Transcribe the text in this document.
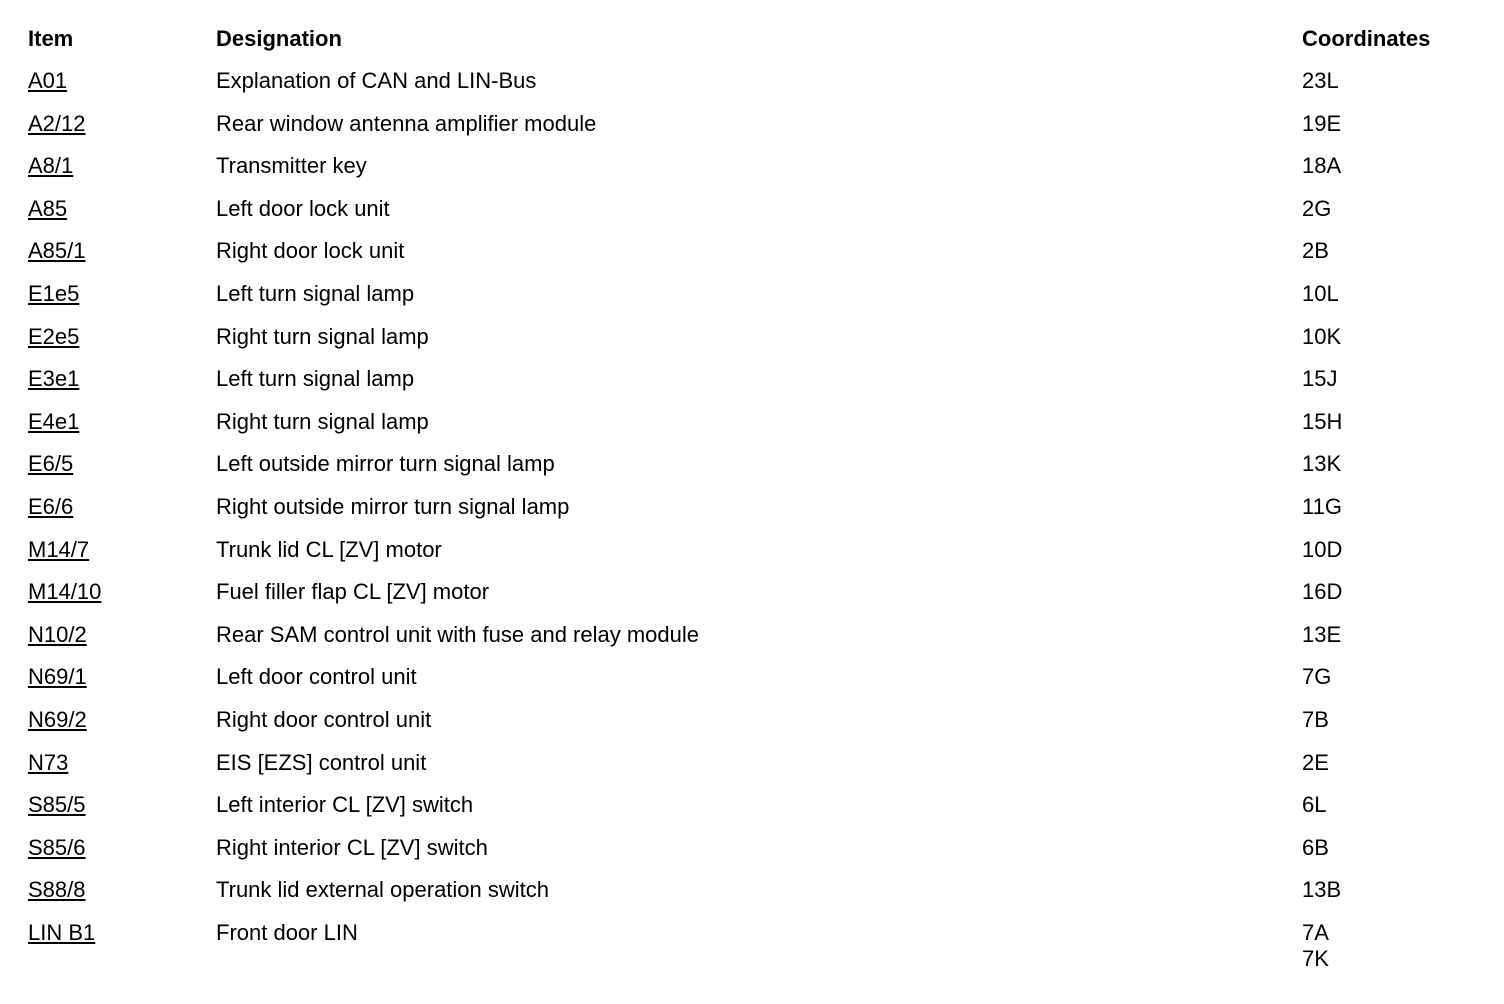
Item	Designation	Coordinates
A01	Explanation of CAN and LIN-Bus	23L
A2/12	Rear window antenna amplifier module	19E
A8/1	Transmitter key	18A
A85	Left door lock unit	2G
A85/1	Right door lock unit	2B
E1e5	Left turn signal lamp	10L
E2e5	Right turn signal lamp	10K
E3e1	Left turn signal lamp	15J
E4e1	Right turn signal lamp	15H
E6/5	Left outside mirror turn signal lamp	13K
E6/6	Right outside mirror turn signal lamp	11G
M14/7	Trunk lid CL [ZV] motor	10D
M14/10	Fuel filler flap CL [ZV] motor	16D
N10/2	Rear SAM control unit with fuse and relay module	13E
N69/1	Left door control unit	7G
N69/2	Right door control unit	7B
N73	EIS [EZS] control unit	2E
S85/5	Left interior CL [ZV] switch	6L
S85/6	Right interior CL [ZV] switch	6B
S88/8	Trunk lid external operation switch	13B
LIN B1	Front door LIN	7A
7K
